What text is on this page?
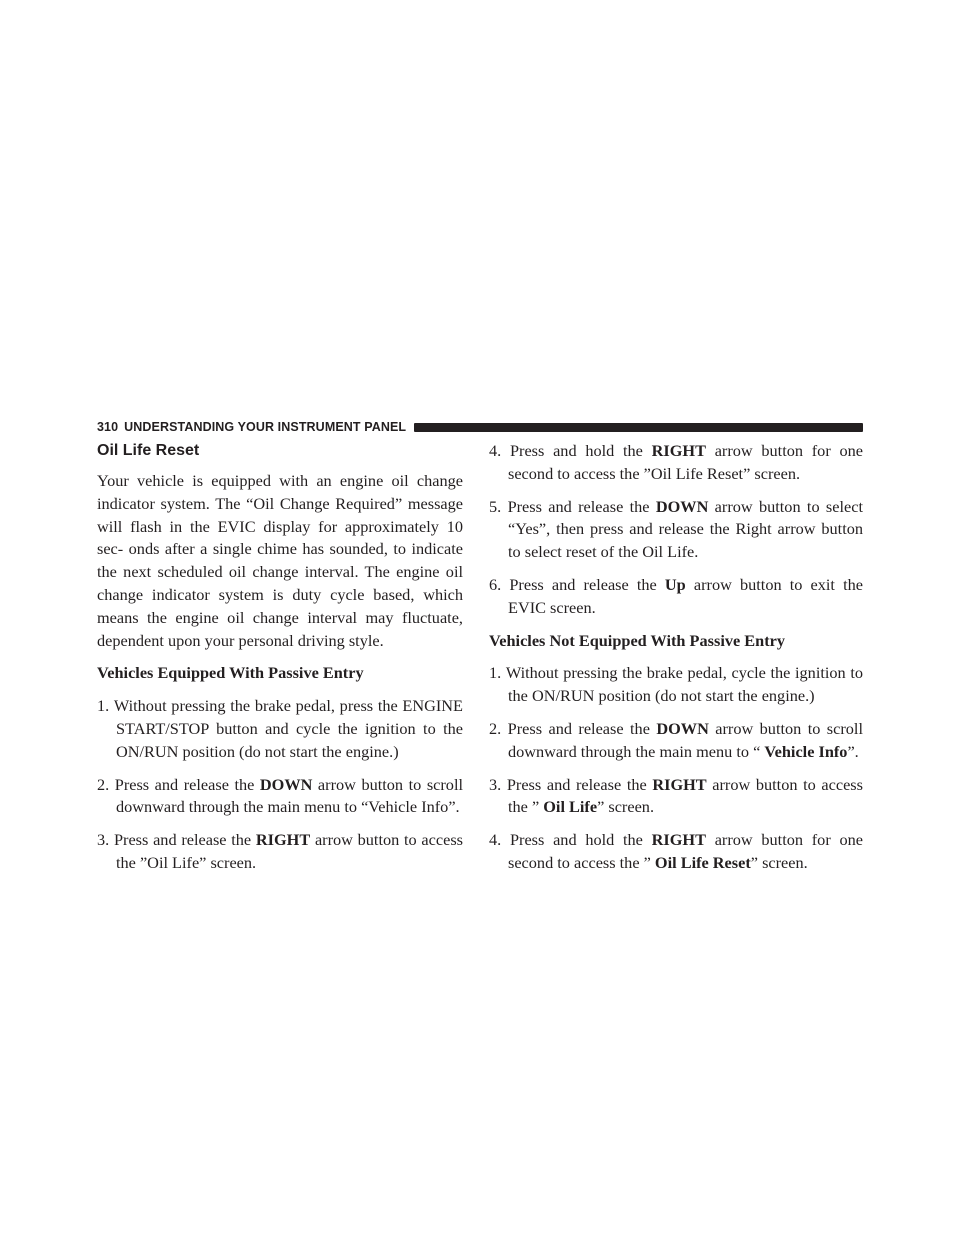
310 UNDERSTANDING YOUR INSTRUMENT PANEL
Oil Life Reset

Your vehicle is equipped with an engine oil change indicator system. The “Oil Change Required” message will flash in the EVIC display for approximately 10 sec- onds after a single chime has sounded, to indicate the next scheduled oil change interval. The engine oil change indicator system is duty cycle based, which means the engine oil change interval may fluctuate, dependent upon your personal driving style.

Vehicles Equipped With Passive Entry
1. Without pressing the brake pedal, press the ENGINE START/STOP button and cycle the ignition to the ON/RUN position (do not start the engine.)
2. Press and release the DOWN arrow button to scroll downward through the main menu to “Vehicle Info”.
3. Press and release the RIGHT arrow button to access the ”Oil Life” screen.
4. Press and hold the RIGHT arrow button for one second to access the ”Oil Life Reset” screen.
5. Press and release the DOWN arrow button to select “Yes”, then press and release the Right arrow button to select reset of the Oil Life.
6. Press and release the Up arrow button to exit the EVIC screen.
Vehicles Not Equipped With Passive Entry
1. Without pressing the brake pedal, cycle the ignition to the ON/RUN position (do not start the engine.)
2. Press and release the DOWN arrow button to scroll downward through the main menu to “ Vehicle Info”.
3. Press and release the RIGHT arrow button to access the ” Oil Life” screen.
4. Press and hold the RIGHT arrow button for one second to access the ” Oil Life Reset” screen.
